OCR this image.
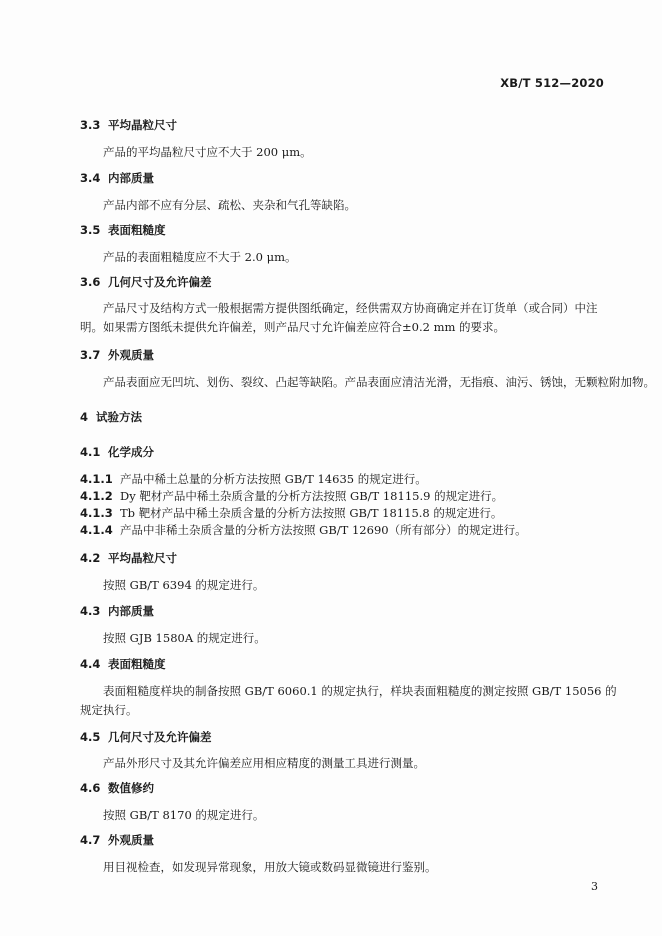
XB/T 512—2020
3.3 平均晶粒尺寸
产品的平均晶粒尺寸应不大于 200 μm。
3.4 内部质量
产品内部不应有分层、疏松、夹杂和气孔等缺陷。
3.5 表面粗糙度
产品的表面粗糙度应不大于 2.0 μm。
3.6 几何尺寸及允许偏差
产品尺寸及结构方式一般根据需方提供图纸确定，经供需双方协商确定并在订货单（或合同）中注
明。如果需方图纸未提供允许偏差，则产品尺寸允许偏差应符合±0.2 mm 的要求。
3.7 外观质量
产品表面应无凹坑、划伤、裂纹、凸起等缺陷。产品表面应清洁光滑，无指痕、油污、锈蚀，无颗粒附加物。
4 试验方法
4.1 化学成分
4.1.1 产品中稀土总量的分析方法按照 GB/T 14635 的规定进行。
4.1.2 Dy 靶材产品中稀土杂质含量的分析方法按照 GB/T 18115.9 的规定进行。
4.1.3 Tb 靶材产品中稀土杂质含量的分析方法按照 GB/T 18115.8 的规定进行。
4.1.4 产品中非稀土杂质含量的分析方法按照 GB/T 12690（所有部分）的规定进行。
4.2 平均晶粒尺寸
按照 GB/T 6394 的规定进行。
4.3 内部质量
按照 GJB 1580A 的规定进行。
4.4 表面粗糙度
表面粗糙度样块的制备按照 GB/T 6060.1 的规定执行，样块表面粗糙度的测定按照 GB/T 15056 的
规定执行。
4.5 几何尺寸及允许偏差
产品外形尺寸及其允许偏差应用相应精度的测量工具进行测量。
4.6 数值修约
按照 GB/T 8170 的规定进行。
4.7 外观质量
用目视检查，如发现异常现象，用放大镜或数码显微镜进行鉴别。
3
